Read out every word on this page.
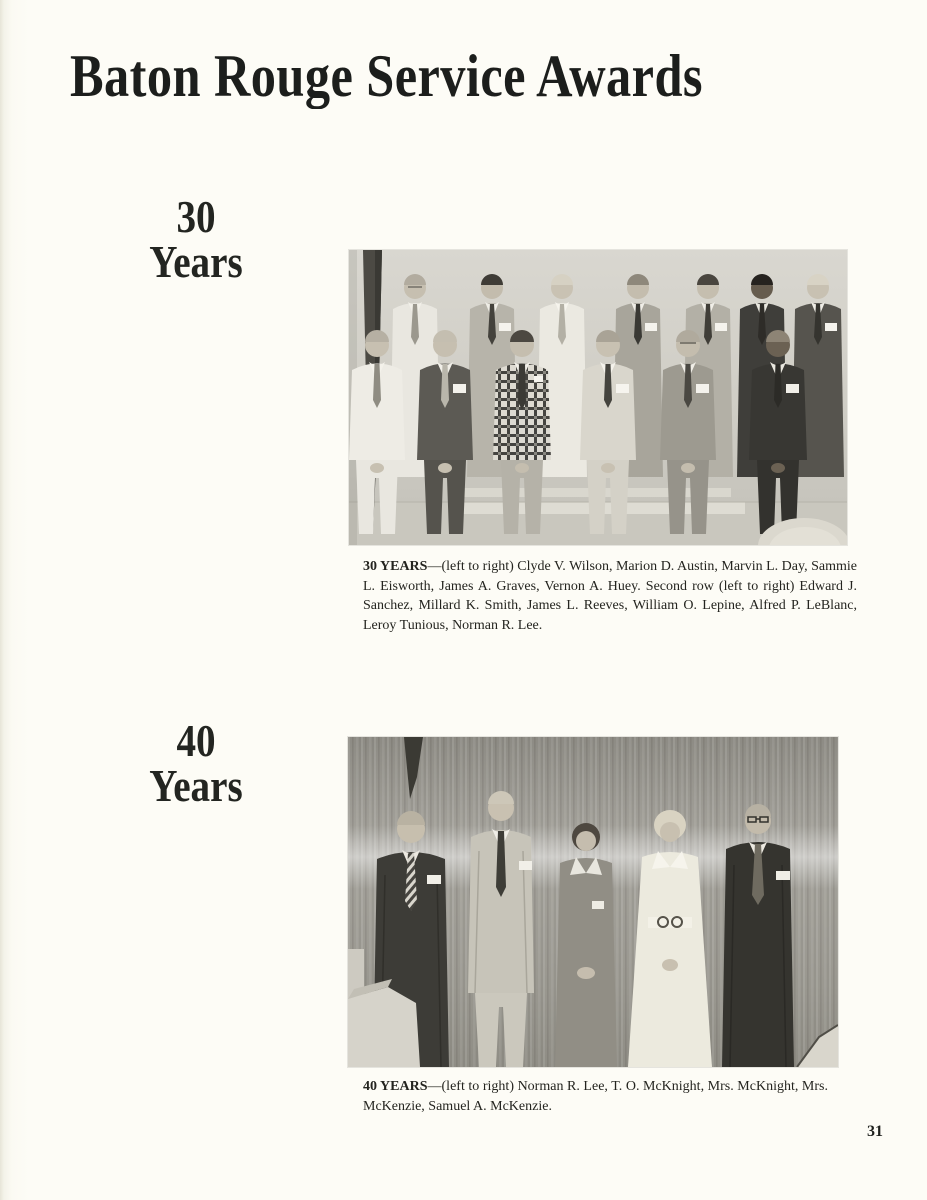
Baton Rouge Service Awards
30
Years
30 YEARS—(left to right) Clyde V. Wilson, Marion D. Austin, Marvin L. Day, Sammie L. Eisworth, James A. Graves, Vernon A. Huey. Second row (left to right) Edward J. Sanchez, Millard K. Smith, James L. Reeves, William O. Lepine, Alfred P. LeBlanc, Leroy Tunious, Norman R. Lee.
40
Years
40 YEARS—(left to right) Norman R. Lee, T. O. McKnight, Mrs. McKnight, Mrs. McKenzie, Samuel A. McKenzie.
31
